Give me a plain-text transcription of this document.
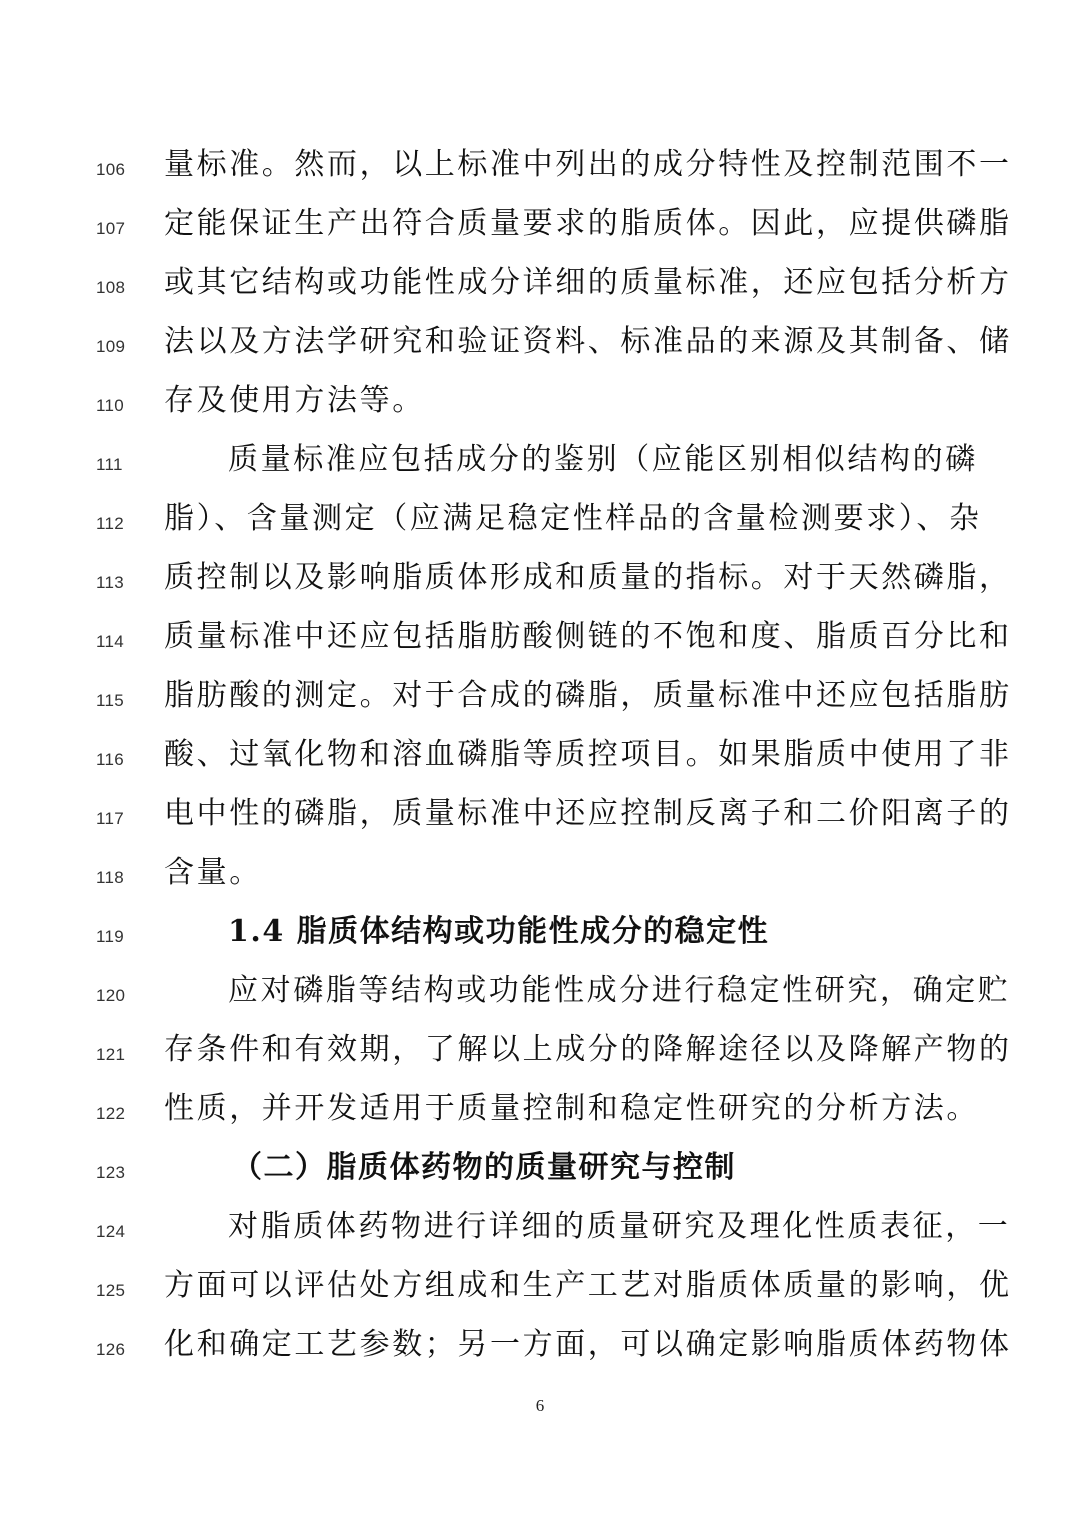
106	量标准。然而，以上标准中列出的成分特性及控制范围不一
107	定能保证生产出符合质量要求的脂质体。因此，应提供磷脂
108	或其它结构或功能性成分详细的质量标准，还应包括分析方
109	法以及方法学研究和验证资料、标准品的来源及其制备、储
110	存及使用方法等。
111	质量标准应包括成分的鉴别（应能区别相似结构的磷
112	脂）、含量测定（应满足稳定性样品的含量检测要求）、杂
113	质控制以及影响脂质体形成和质量的指标。对于天然磷脂，
114	质量标准中还应包括脂肪酸侧链的不饱和度、脂质百分比和
115	脂肪酸的测定。对于合成的磷脂，质量标准中还应包括脂肪
116	酸、过氧化物和溶血磷脂等质控项目。如果脂质中使用了非
117	电中性的磷脂，质量标准中还应控制反离子和二价阳离子的
118	含量。
119	1.4 脂质体结构或功能性成分的稳定性
120	应对磷脂等结构或功能性成分进行稳定性研究，确定贮
121	存条件和有效期，了解以上成分的降解途径以及降解产物的
122	性质，并开发适用于质量控制和稳定性研究的分析方法。
123	（二）脂质体药物的质量研究与控制
124	对脂质体药物进行详细的质量研究及理化性质表征，一
125	方面可以评估处方组成和生产工艺对脂质体质量的影响，优
126	化和确定工艺参数；另一方面，可以确定影响脂质体药物体
6
